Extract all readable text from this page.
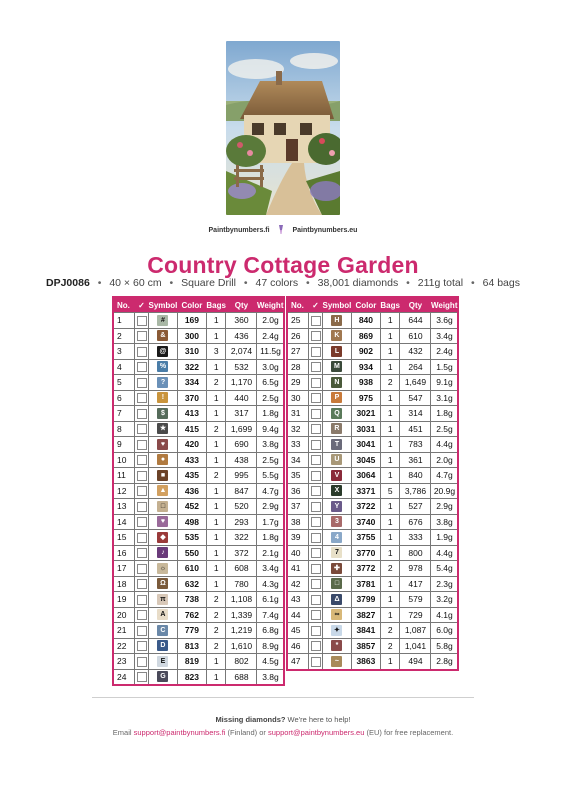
Paintbynumbers.fi	Paintbynumbers.eu
Country Cottage Garden
DPJ0086 • 40 × 60 cm • Square Drill • 47 colors • 38,001 diamonds • 211g total • 64 bags
No.	✓	Symbol	Color	Bags	Qty	Weight
1		#	169	1	360	2.0g
2		&	300	1	436	2.4g
3		@	310	3	2,074	11.5g
4		%	322	1	532	3.0g
5		?	334	2	1,170	6.5g
6		!	370	1	440	2.5g
7		$	413	1	317	1.8g
8		★	415	2	1,699	9.4g
9		♥	420	1	690	3.8g
10		●	433	1	438	2.5g
11		■	435	2	995	5.5g
12		▲	436	1	847	4.7g
13		□	452	1	520	2.9g
14		♥	498	1	293	1.7g
15		◆	535	1	322	1.8g
16		♪	550	1	372	2.1g
17		☼	610	1	608	3.4g
18		Ω	632	1	780	4.3g
19		π	738	2	1,108	6.1g
20		A	762	2	1,339	7.4g
21		C	779	2	1,219	6.8g
22		D	813	2	1,610	8.9g
23		E	819	1	802	4.5g
24		G	823	1	688	3.8g
No.	✓	Symbol	Color	Bags	Qty	Weight
25		H	840	1	644	3.6g
26		K	869	1	610	3.4g
27		L	902	1	432	2.4g
28		M	934	1	264	1.5g
29		N	938	2	1,649	9.1g
30		P	975	1	547	3.1g
31		Q	3021	1	314	1.8g
32		R	3031	1	451	2.5g
33		T	3041	1	783	4.4g
34		U	3045	1	361	2.0g
35		V	3064	1	840	4.7g
36		X	3371	5	3,786	20.9g
37		Y	3722	1	527	2.9g
38		3	3740	1	676	3.8g
39		4	3755	1	333	1.9g
40		7	3770	1	800	4.4g
41		✚	3772	2	978	5.4g
42		□	3781	1	417	2.3g
43		Δ	3799	1	579	3.2g
44		∞	3827	1	729	4.1g
45		✦	3841	2	1,087	6.0g
46		*	3857	2	1,041	5.8g
47		~	3863	1	494	2.8g
Missing diamonds? We're here to help!
Email support@paintbynumbers.fi (Finland) or support@paintbynumbers.eu (EU) for free replacement.
